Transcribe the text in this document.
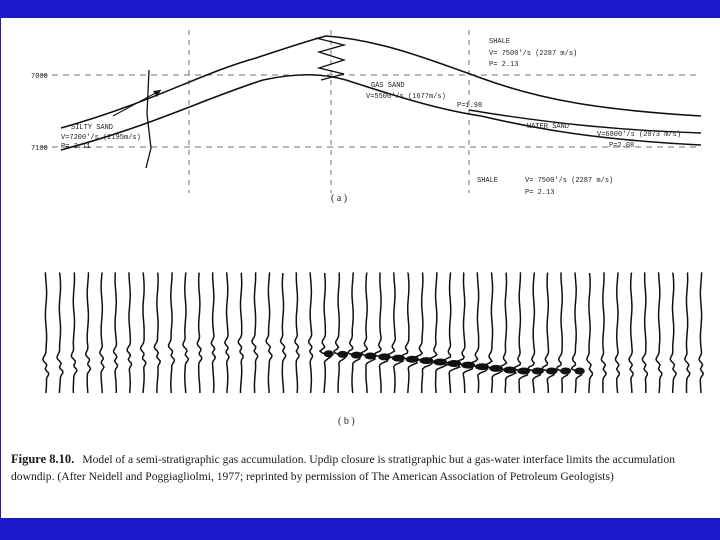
7000
7100
SHALE
V= 7500'/s (2287 m/s)
P= 2.13
GAS SAND
V=5500'/s (1677m/s)
P=1.98
WATER SAND
V=6800'/s (2073 m/s)
P=2.08
SILTY SAND
V=7200'/s (2195m/s)
P= 2.11
SHALE	V= 7500'/s (2287 m/s)
P= 2.13
( a )
( b )
Figure 8.10. Model of a semi-stratigraphic gas accumulation. Updip closure is stratigraphic but a gas-water interface limits the accumulation downdip. (After Neidell and Poggiagliolmi, 1977; reprinted by permission of The American Association of Petroleum Geologists)
